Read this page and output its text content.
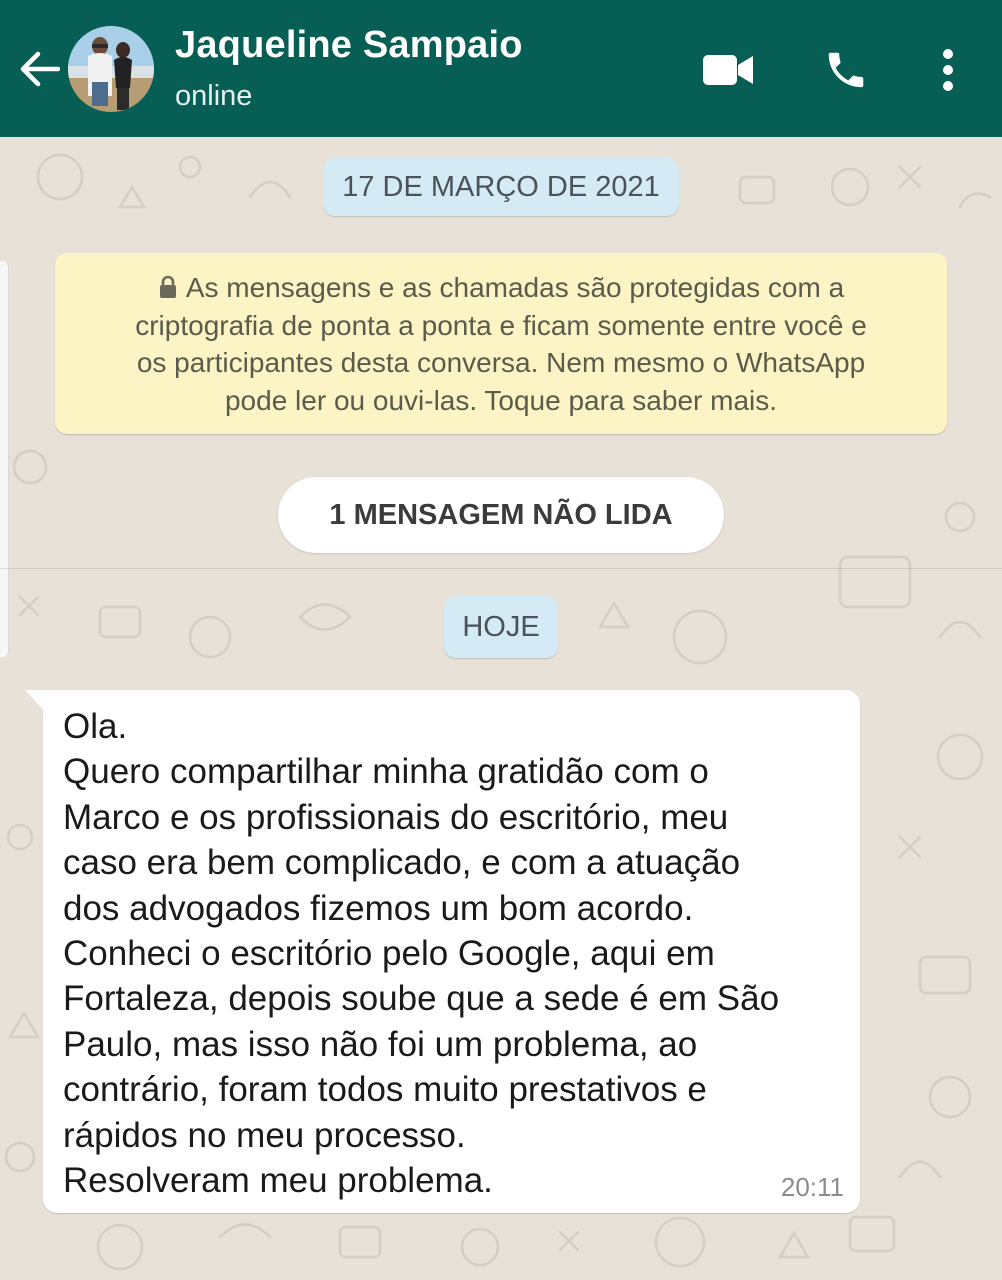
Jaqueline Sampaio
online
17 DE MARÇO DE 2021
As mensagens e as chamadas são protegidas com a
criptografia de ponta a ponta e ficam somente entre você e
os participantes desta conversa. Nem mesmo o WhatsApp
pode ler ou ouvi-las. Toque para saber mais.
1 MENSAGEM NÃO LIDA
HOJE
Ola.
Quero compartilhar minha gratidão com o
Marco e os profissionais do escritório, meu
caso era bem complicado, e com a atuação
dos advogados fizemos um bom acordo.
Conheci o escritório pelo Google, aqui em
Fortaleza, depois soube que a sede é em São
Paulo, mas isso não foi um problema, ao
contrário, foram todos muito prestativos e
rápidos no meu processo.
Resolveram meu problema.	20:11
